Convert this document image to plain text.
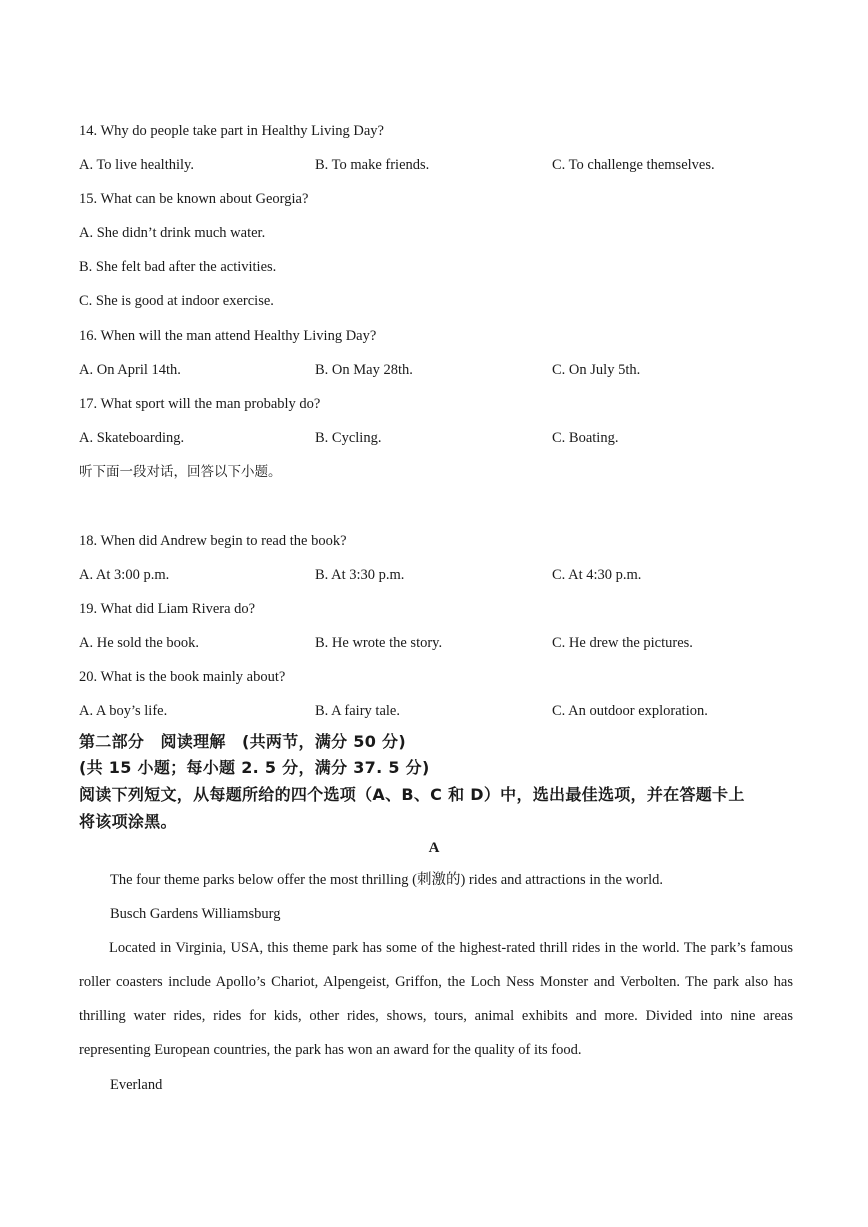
14. Why do people take part in Healthy Living Day?
A. To live healthily.	B. To make friends.	C. To challenge themselves.
15. What can be known about Georgia?
A. She didn’t drink much water.
B. She felt bad after the activities.
C. She is good at indoor exercise.
16. When will the man attend Healthy Living Day?
A. On April 14th.	B. On May 28th.	C. On July 5th.
17. What sport will the man probably do?
A. Skateboarding.	B. Cycling.	C. Boating.
听下面一段对话，回答以下小题。
18. When did Andrew begin to read the book?
A. At 3:00 p.m.	B. At 3:30 p.m.	C. At 4:30 p.m.
19. What did Liam Rivera do?
A. He sold the book.	B. He wrote the story.	C. He drew the pictures.
20. What is the book mainly about?
A. A boy’s life.	B. A fairy tale.	C. An outdoor exploration.
第二部分　阅读理解　(共两节，满分 50 分)
(共 15 小题；每小题 2. 5 分，满分 37. 5 分)
阅读下列短文，从每题所给的四个选项（A、B、C 和 D）中，选出最佳选项，并在答题卡上
将该项涂黑。
A
The four theme parks below offer the most thrilling (刺激的) rides and attractions in the world.
Busch Gardens Williamsburg

Located in Virginia, USA, this theme park has some of the highest-rated thrill rides in the world. The park’s famous roller coasters include Apollo’s Chariot, Alpengeist, Griffon, the Loch Ness Monster and Verbolten. The park also has thrilling water rides, rides for kids, other rides, shows, tours, animal exhibits and more. Divided into nine areas representing European countries, the park has won an award for the quality of its food.

Everland
